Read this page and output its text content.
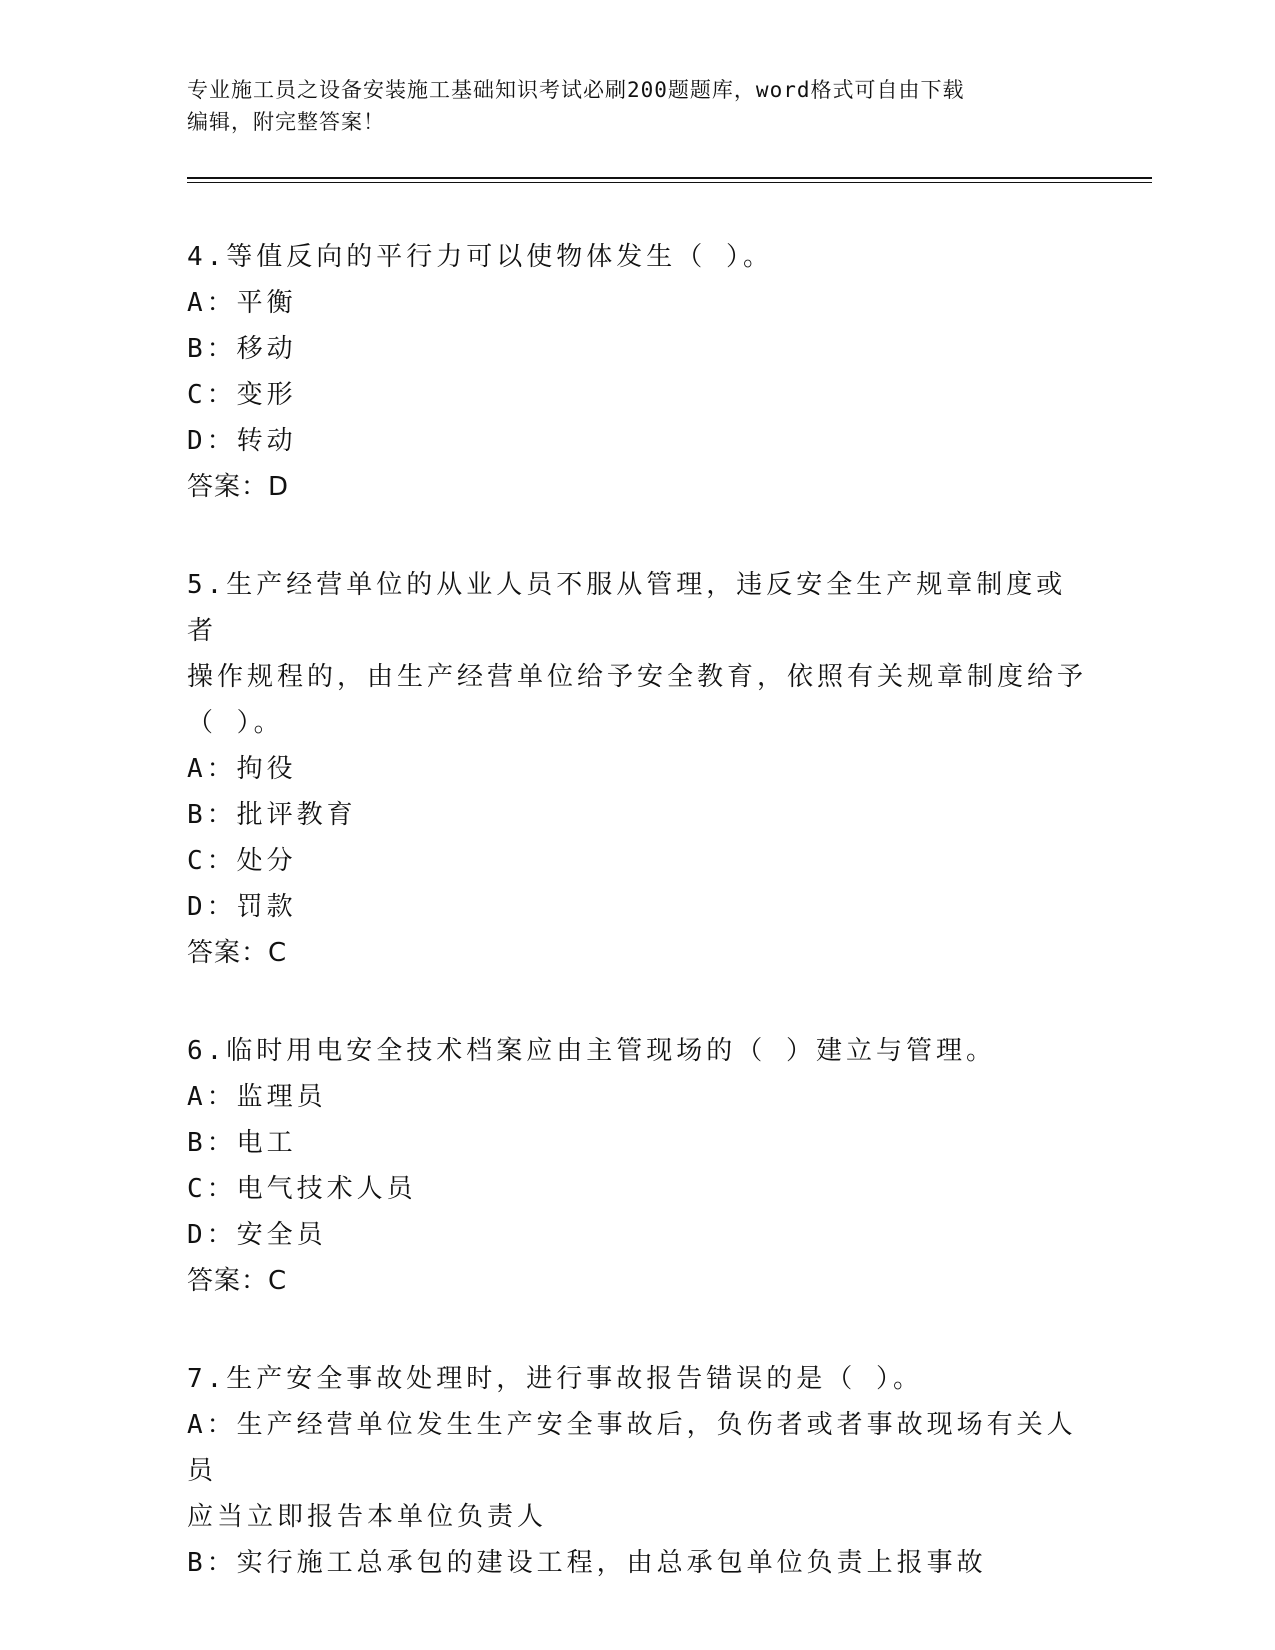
专业施工员之设备安装施工基础知识考试必刷200题题库，word格式可自由下载
编辑，附完整答案！
4.等值反向的平行力可以使物体发生（ ）。
A：平衡
B：移动
C：变形
D：转动
答案：D
5.生产经营单位的从业人员不服从管理，违反安全生产规章制度或者
操作规程的，由生产经营单位给予安全教育，依照有关规章制度给予
（ ）。
A：拘役
B：批评教育
C：处分
D：罚款
答案：C
6.临时用电安全技术档案应由主管现场的（ ）建立与管理。
A：监理员
B：电工
C：电气技术人员
D：安全员
答案：C
7.生产安全事故处理时，进行事故报告错误的是（ ）。
A：生产经营单位发生生产安全事故后，负伤者或者事故现场有关人员
应当立即报告本单位负责人
B：实行施工总承包的建设工程，由总承包单位负责上报事故
